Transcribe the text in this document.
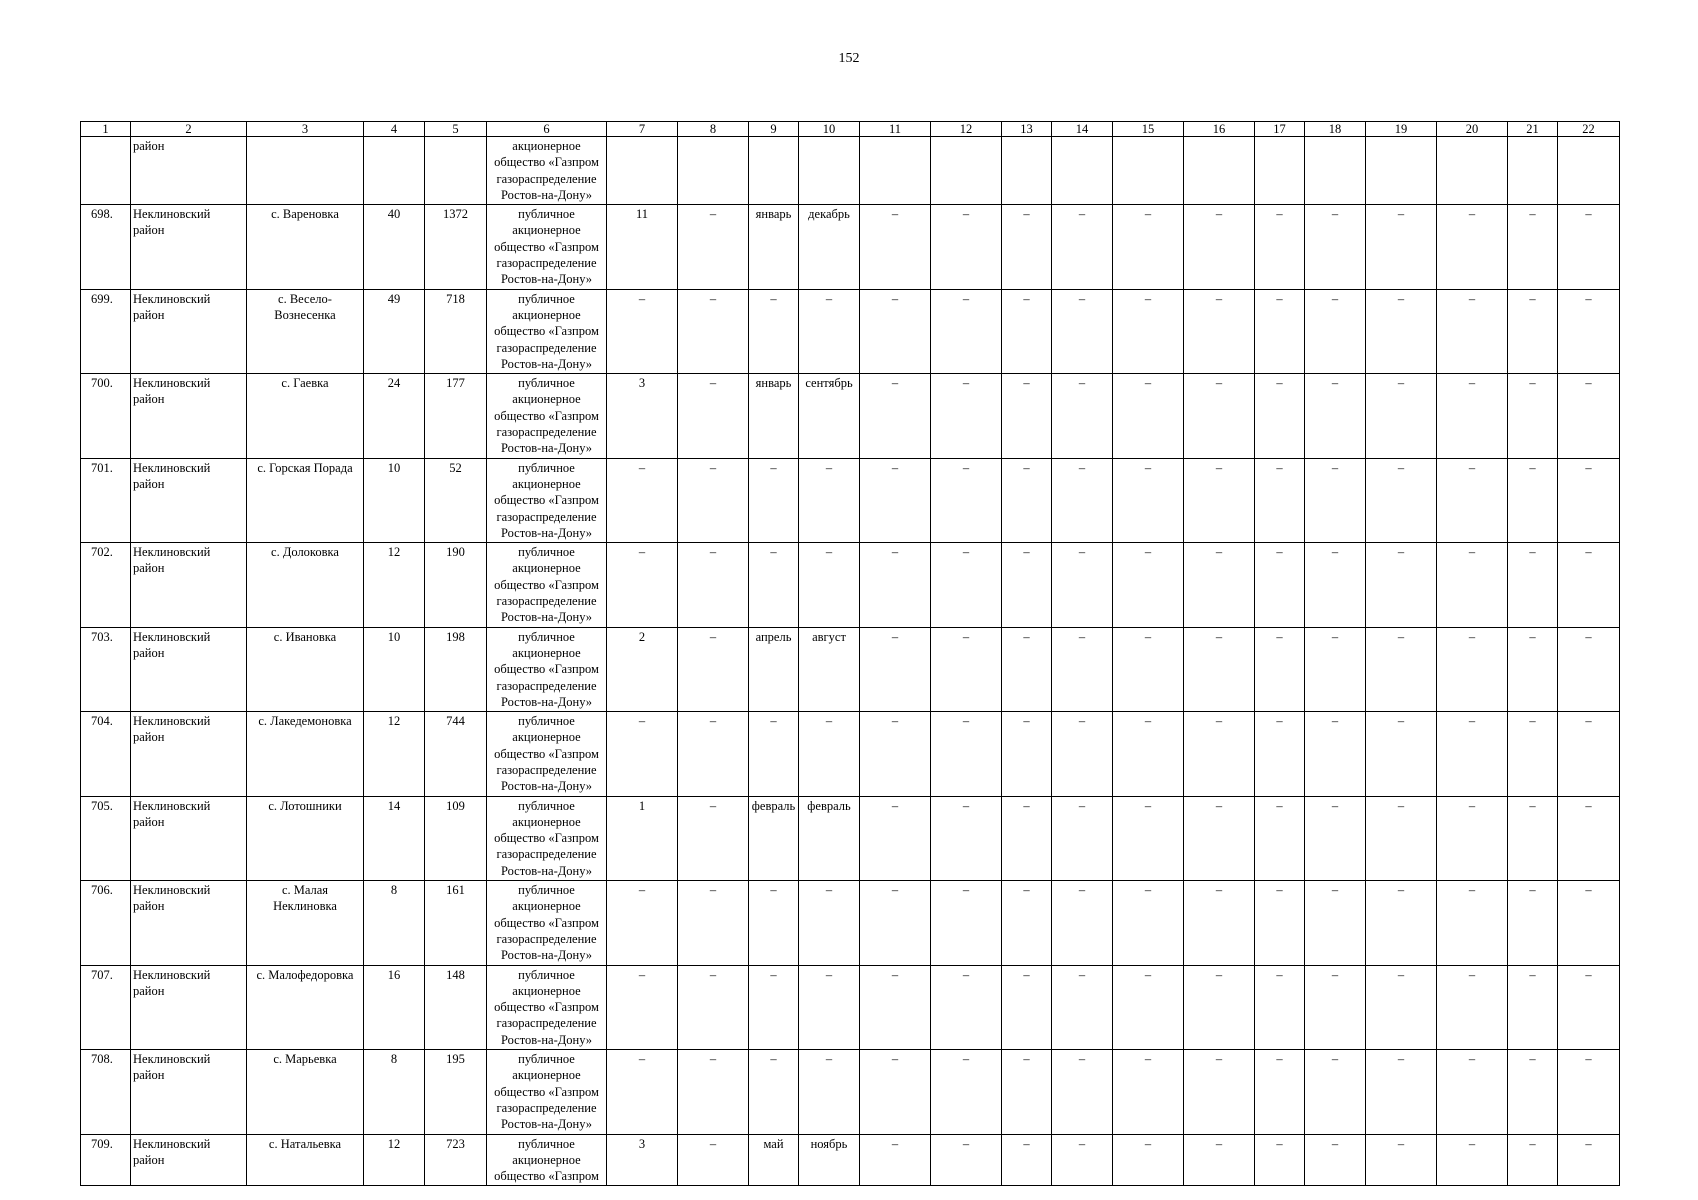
152
1	2	3	4	5	6	7	8	9	10	11	12	13	14	15	16	17	18	19	20	21	22
	район				акционерное общество «Газпром газораспределение Ростов-на-Дону»																
698.	Неклиновский район	с. Вареновка	40	1372	публичное акционерное общество «Газпром газораспределение Ростов-на-Дону»	11	–	январь	декабрь	–	–	–	–	–	–	–	–	–	–	–	–
699.	Неклиновский район	с. Весело-Вознесенка	49	718	публичное акционерное общество «Газпром газораспределение Ростов-на-Дону»	–	–	–	–	–	–	–	–	–	–	–	–	–	–	–	–
700.	Неклиновский район	с. Гаевка	24	177	публичное акционерное общество «Газпром газораспределение Ростов-на-Дону»	3	–	январь	сентябрь	–	–	–	–	–	–	–	–	–	–	–	–
701.	Неклиновский район	с. Горская Порада	10	52	публичное акционерное общество «Газпром газораспределение Ростов-на-Дону»	–	–	–	–	–	–	–	–	–	–	–	–	–	–	–	–
702.	Неклиновский район	с. Долоковка	12	190	публичное акционерное общество «Газпром газораспределение Ростов-на-Дону»	–	–	–	–	–	–	–	–	–	–	–	–	–	–	–	–
703.	Неклиновский район	с. Ивановка	10	198	публичное акционерное общество «Газпром газораспределение Ростов-на-Дону»	2	–	апрель	август	–	–	–	–	–	–	–	–	–	–	–	–
704.	Неклиновский район	с. Лакедемоновка	12	744	публичное акционерное общество «Газпром газораспределение Ростов-на-Дону»	–	–	–	–	–	–	–	–	–	–	–	–	–	–	–	–
705.	Неклиновский район	с. Лотошники	14	109	публичное акционерное общество «Газпром газораспределение Ростов-на-Дону»	1	–	февраль	февраль	–	–	–	–	–	–	–	–	–	–	–	–
706.	Неклиновский район	с. Малая Неклиновка	8	161	публичное акционерное общество «Газпром газораспределение Ростов-на-Дону»	–	–	–	–	–	–	–	–	–	–	–	–	–	–	–	–
707.	Неклиновский район	с. Малофедоровка	16	148	публичное акционерное общество «Газпром газораспределение Ростов-на-Дону»	–	–	–	–	–	–	–	–	–	–	–	–	–	–	–	–
708.	Неклиновский район	с. Марьевка	8	195	публичное акционерное общество «Газпром газораспределение Ростов-на-Дону»	–	–	–	–	–	–	–	–	–	–	–	–	–	–	–	–
709.	Неклиновский район	с. Натальевка	12	723	публичное акционерное общество «Газпром	3	–	май	ноябрь	–	–	–	–	–	–	–	–	–	–	–	–
